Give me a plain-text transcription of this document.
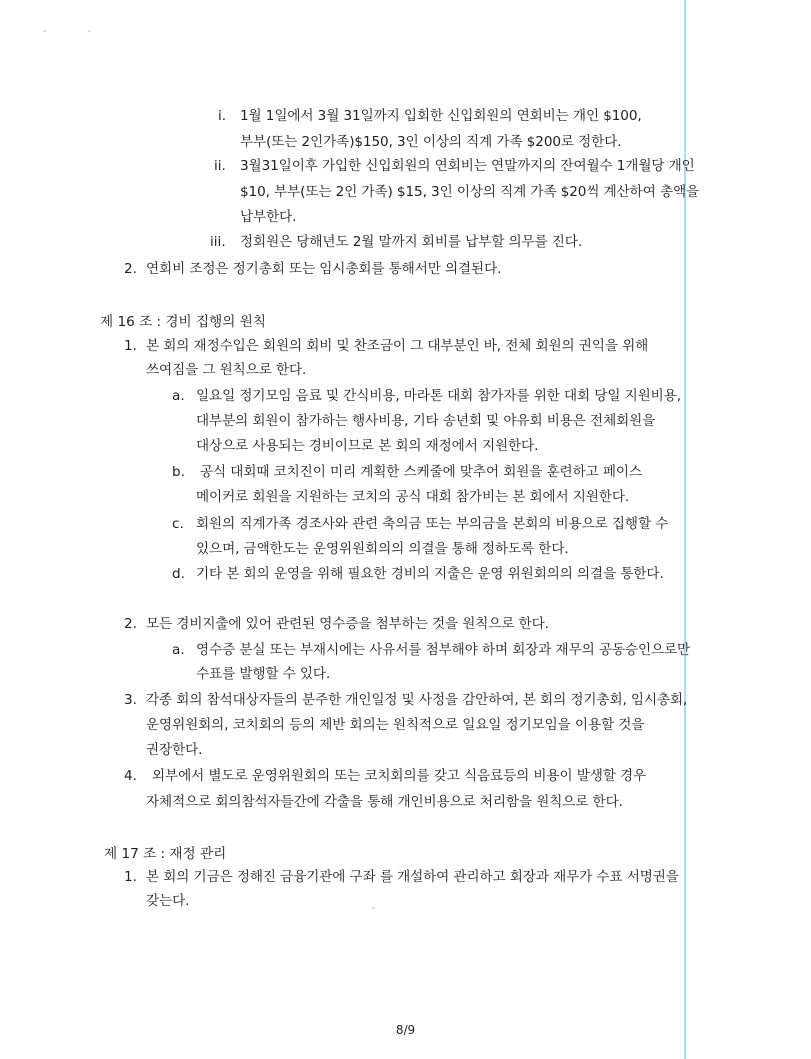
i. 1월 1일에서 3월 31일까지 입회한 신입회원의 연회비는 개인 $100,
부부(또는 2인가족)$150, 3인 이상의 직계 가족 $200로 정한다.
ii. 3월31일이후 가입한 신입회원의 연회비는 연말까지의 잔여월수 1개월당 개인
$10, 부부(또는 2인 가족) $15, 3인 이상의 직계 가족 $20씩 계산하여 총액을
납부한다.
iii. 정회원은 당해년도 2월 말까지 회비를 납부할 의무를 진다.
2. 연회비 조정은 정기총회 또는 임시총회를 통해서만 의결된다.
제 16 조 : 경비 집행의 원칙
1. 본 회의 재정수입은 회원의 회비 및 찬조금이 그 대부분인 바, 전체 회원의 권익을 위해
쓰여짐을 그 원칙으로 한다.
a. 일요일 정기모임 음료 및 간식비용, 마라톤 대회 참가자를 위한 대회 당일 지원비용,
대부분의 회원이 참가하는 행사비용, 기타 송년회 및 야유회 비용은 전체회원을
대상으로 사용되는 경비이므로 본 회의 재정에서 지원한다.
b. 공식 대회때 코치진이 미리 계획한 스케줄에 맞추어 회원을 훈련하고 페이스
메이커로 회원을 지원하는 코치의 공식 대회 참가비는 본 회에서 지원한다.
c. 회원의 직계가족 경조사와 관련 축의금 또는 부의금을 본회의 비용으로 집행할 수
있으며, 금액한도는 운영위원회의의 의결을 통해 정하도록 한다.
d. 기타 본 회의 운영을 위해 필요한 경비의 지출은 운영 위원회의의 의결을 통한다.
2. 모든 경비지출에 있어 관련된 영수증을 첨부하는 것을 원칙으로 한다.
a. 영수증 분실 또는 부재시에는 사유서를 첨부해야 하며 회장과 재무의 공동승인으로만
수표를 발행할 수 있다.
3. 각종 회의 참석대상자들의 분주한 개인일정 및 사정을 감안하여, 본 회의 정기총회, 임시총회,
운영위원회의, 코치회의 등의 제반 회의는 원칙적으로 일요일 정기모임을 이용할 것을
권장한다.
4. 외부에서 별도로 운영위원회의 또는 코치회의를 갖고 식음료등의 비용이 발생할 경우
자체적으로 회의참석자들간에 각출을 통해 개인비용으로 처리함을 원칙으로 한다.
제 17 조 : 재정 관리
1. 본 회의 기금은 정해진 금융기관에 구좌 를 개설하여 관리하고 회장과 재무가 수표 서명권을
갖는다.
8/9
